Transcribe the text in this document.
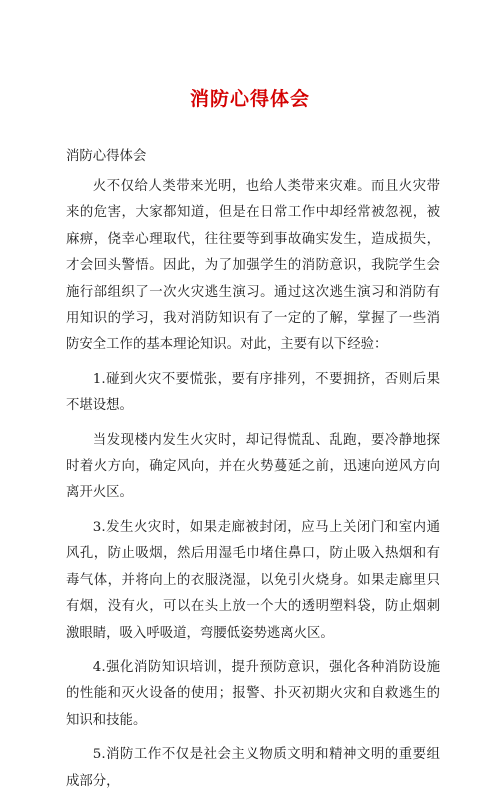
消防心得体会

消防心得体会

火不仅给人类带来光明，也给人类带来灾难。而且火灾带来的危害，大家都知道，但是在日常工作中却经常被忽视，被麻痹，侥幸心理取代，往往要等到事故确实发生，造成损失，才会回头警悟。因此，为了加强学生的消防意识，我院学生会施行部组织了一次火灾逃生演习。通过这次逃生演习和消防有用知识的学习，我对消防知识有了一定的了解，掌握了一些消防安全工作的基本理论知识。对此，主要有以下经验：

1.碰到火灾不要慌张，要有序排列，不要拥挤，否则后果不堪设想。

当发现楼内发生火灾时，却记得慌乱、乱跑，要冷静地探时着火方向，确定风向，并在火势蔓延之前，迅速向逆风方向离开火区。

3.发生火灾时，如果走廊被封闭，应马上关闭门和室内通风孔，防止吸烟，然后用湿毛巾堵住鼻口，防止吸入热烟和有毒气体，并将向上的衣服浇湿，以免引火烧身。如果走廊里只有烟，没有火，可以在头上放一个大的透明塑料袋，防止烟刺激眼睛，吸入呼吸道，弯腰低姿势逃离火区。

4.强化消防知识培训，提升预防意识，强化各种消防设施的性能和灭火设备的使用；报警、扑灭初期火灾和自救逃生的知识和技能。

5.消防工作不仅是社会主义物质文明和精神文明的重要组成部分，
